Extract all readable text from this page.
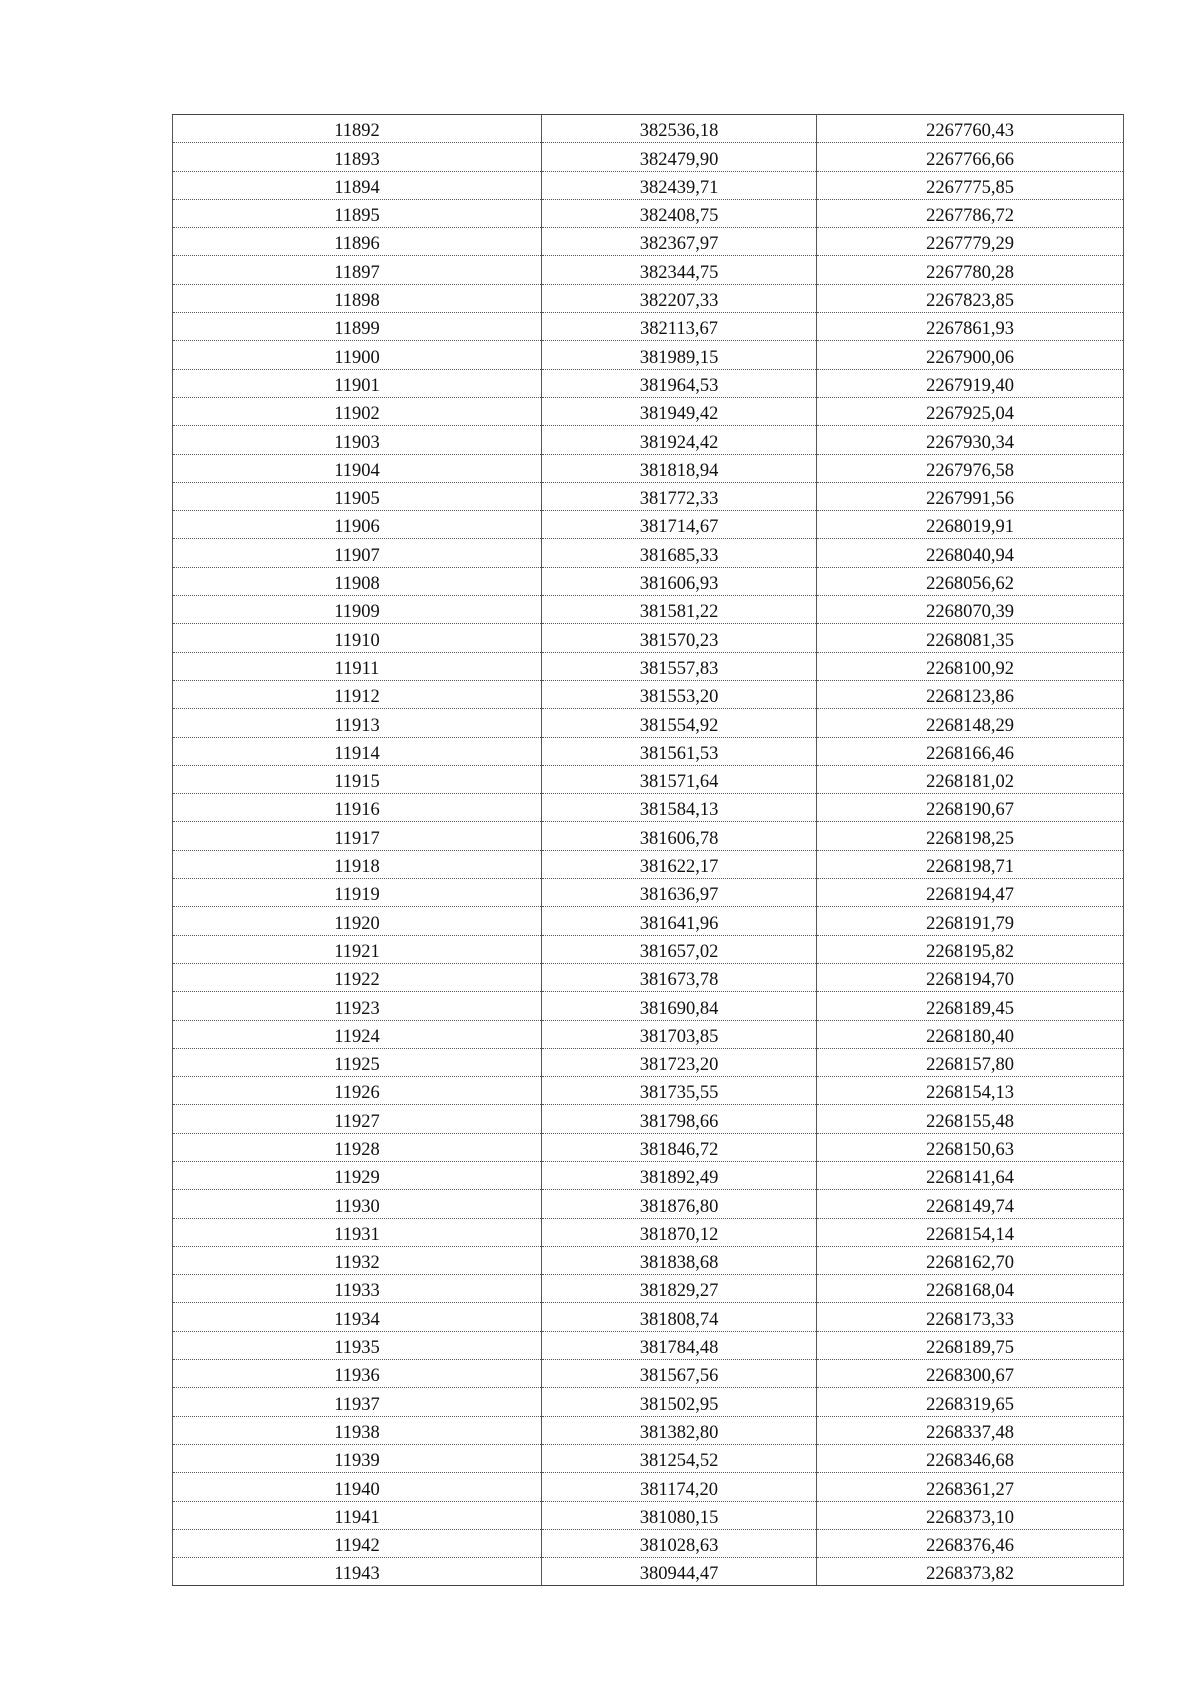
11892	382536,18	2267760,43
11893	382479,90	2267766,66
11894	382439,71	2267775,85
11895	382408,75	2267786,72
11896	382367,97	2267779,29
11897	382344,75	2267780,28
11898	382207,33	2267823,85
11899	382113,67	2267861,93
11900	381989,15	2267900,06
11901	381964,53	2267919,40
11902	381949,42	2267925,04
11903	381924,42	2267930,34
11904	381818,94	2267976,58
11905	381772,33	2267991,56
11906	381714,67	2268019,91
11907	381685,33	2268040,94
11908	381606,93	2268056,62
11909	381581,22	2268070,39
11910	381570,23	2268081,35
11911	381557,83	2268100,92
11912	381553,20	2268123,86
11913	381554,92	2268148,29
11914	381561,53	2268166,46
11915	381571,64	2268181,02
11916	381584,13	2268190,67
11917	381606,78	2268198,25
11918	381622,17	2268198,71
11919	381636,97	2268194,47
11920	381641,96	2268191,79
11921	381657,02	2268195,82
11922	381673,78	2268194,70
11923	381690,84	2268189,45
11924	381703,85	2268180,40
11925	381723,20	2268157,80
11926	381735,55	2268154,13
11927	381798,66	2268155,48
11928	381846,72	2268150,63
11929	381892,49	2268141,64
11930	381876,80	2268149,74
11931	381870,12	2268154,14
11932	381838,68	2268162,70
11933	381829,27	2268168,04
11934	381808,74	2268173,33
11935	381784,48	2268189,75
11936	381567,56	2268300,67
11937	381502,95	2268319,65
11938	381382,80	2268337,48
11939	381254,52	2268346,68
11940	381174,20	2268361,27
11941	381080,15	2268373,10
11942	381028,63	2268376,46
11943	380944,47	2268373,82
